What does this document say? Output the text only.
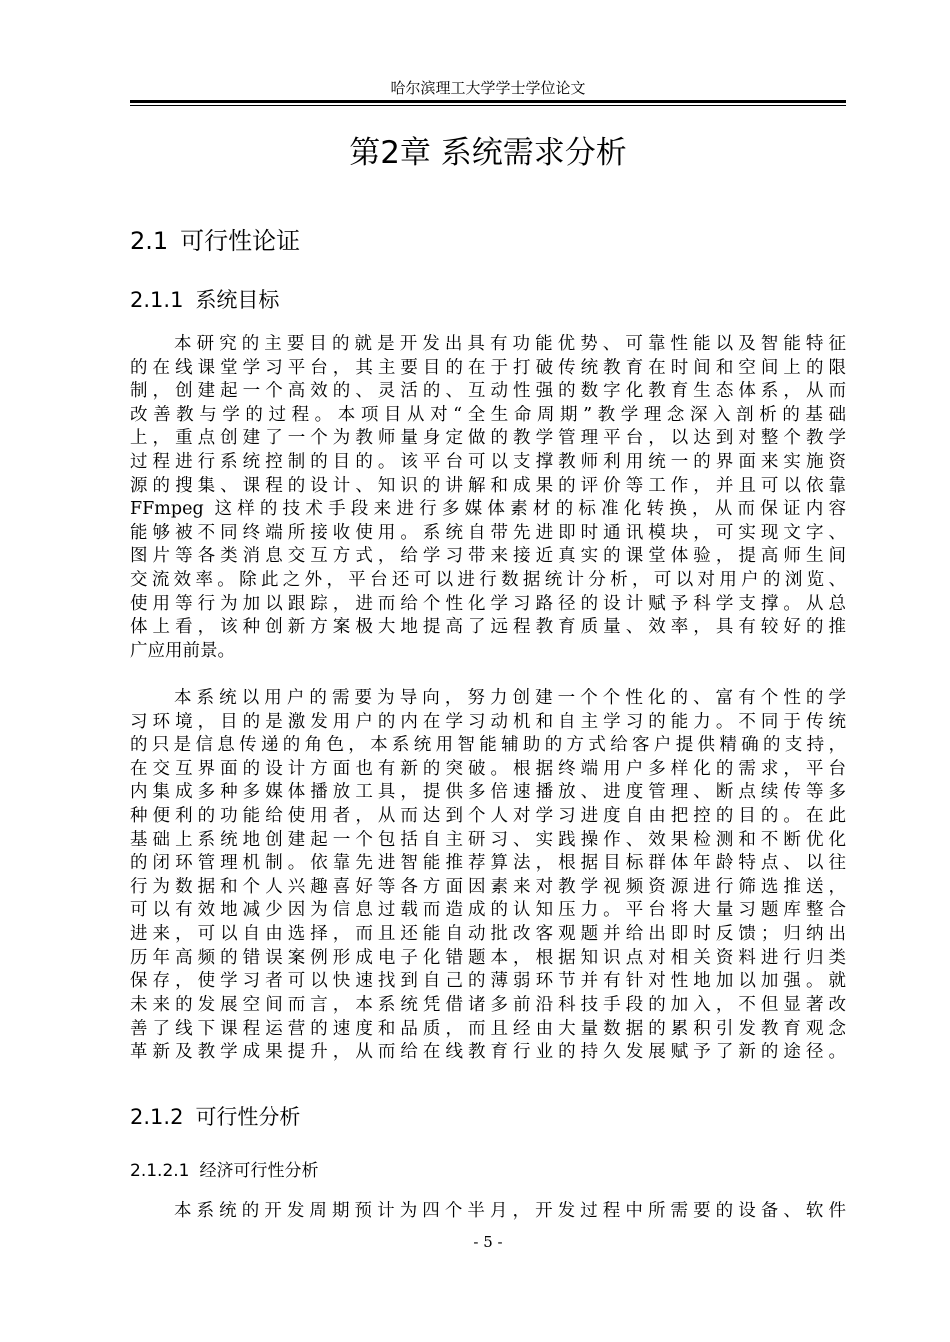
哈尔滨理工大学学士学位论文
第2章 系统需求分析
2.1 可行性论证
2.1.1 系统目标
本研究的主要目的就是开发出具有功能优势、可靠性能以及智能特征
的在线课堂学习平台，其主要目的在于打破传统教育在时间和空间上的限
制，创建起一个高效的、灵活的、互动性强的数字化教育生态体系，从而
改善教与学的过程。本项目从对“全生命周期”教学理念深入剖析的基础
上，重点创建了一个为教师量身定做的教学管理平台，以达到对整个教学
过程进行系统控制的目的。该平台可以支撑教师利用统一的界面来实施资
源的搜集、课程的设计、知识的讲解和成果的评价等工作，并且可以依靠
FFmpeg 这样的技术手段来进行多媒体素材的标准化转换，从而保证内容
能够被不同终端所接收使用。系统自带先进即时通讯模块，可实现文字、
图片等各类消息交互方式，给学习带来接近真实的课堂体验，提高师生间
交流效率。除此之外，平台还可以进行数据统计分析，可以对用户的浏览、
使用等行为加以跟踪，进而给个性化学习路径的设计赋予科学支撑。从总
体上看，该种创新方案极大地提高了远程教育质量、效率，具有较好的推
广应用前景。
本系统以用户的需要为导向，努力创建一个个性化的、富有个性的学
习环境，目的是激发用户的内在学习动机和自主学习的能力。不同于传统
的只是信息传递的角色，本系统用智能辅助的方式给客户提供精确的支持，
在交互界面的设计方面也有新的突破。根据终端用户多样化的需求，平台
内集成多种多媒体播放工具，提供多倍速播放、进度管理、断点续传等多
种便利的功能给使用者，从而达到个人对学习进度自由把控的目的。在此
基础上系统地创建起一个包括自主研习、实践操作、效果检测和不断优化
的闭环管理机制。依靠先进智能推荐算法，根据目标群体年龄特点、以往
行为数据和个人兴趣喜好等各方面因素来对教学视频资源进行筛选推送，
可以有效地减少因为信息过载而造成的认知压力。平台将大量习题库整合
进来，可以自由选择，而且还能自动批改客观题并给出即时反馈；归纳出
历年高频的错误案例形成电子化错题本，根据知识点对相关资料进行归类
保存，使学习者可以快速找到自己的薄弱环节并有针对性地加以加强。就
未来的发展空间而言，本系统凭借诸多前沿科技手段的加入，不但显著改
善了线下课程运营的速度和品质，而且经由大量数据的累积引发教育观念
革新及教学成果提升，从而给在线教育行业的持久发展赋予了新的途径。
2.1.2 可行性分析
2.1.2.1 经济可行性分析
本系统的开发周期预计为四个半月，开发过程中所需要的设备、软件
- 5 -
